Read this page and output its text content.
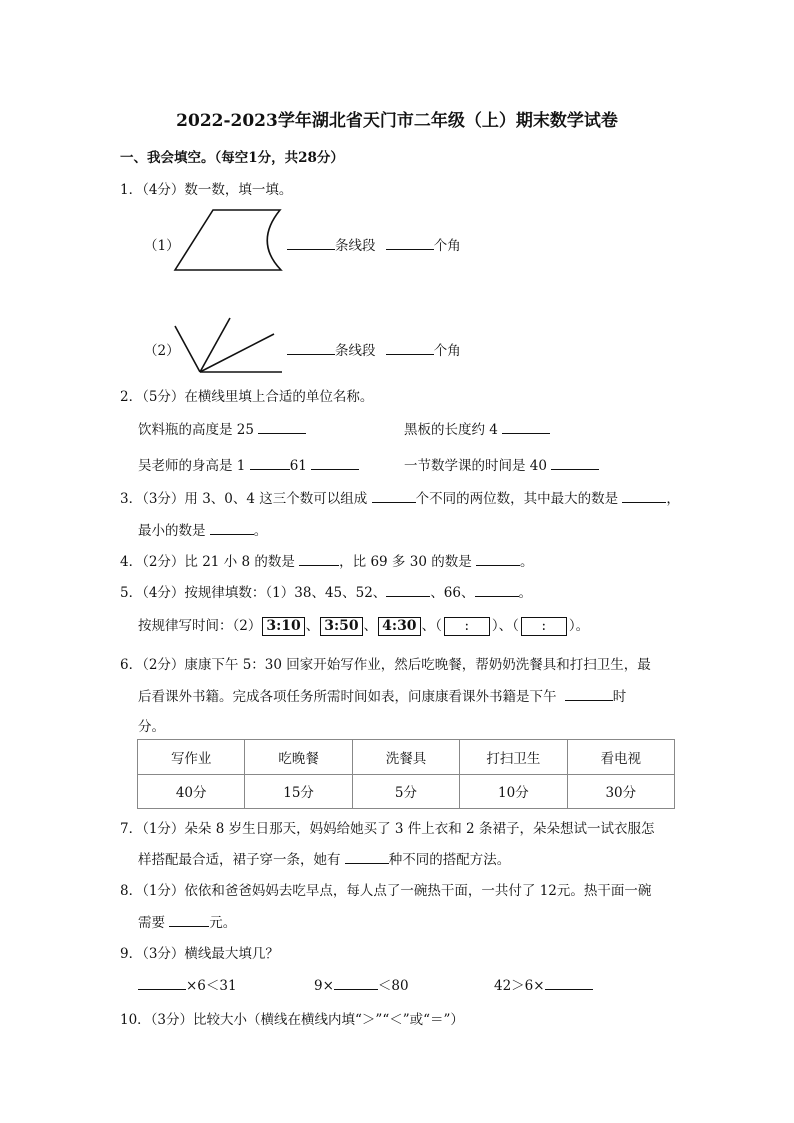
2022-2023学年湖北省天门市二年级（上）期末数学试卷
一、我会填空。（每空1分，共28分）
1．（4分）数一数，填一填。
（1）	条线段	个角
（2）	条线段	个角
2．（5分）在横线里填上合适的单位名称。
饮料瓶的高度是 25	黑板的长度约 4
吴老师的身高是 1	61	一节数学课的时间是 40
3．（3分）用 3、0、4 这三个数可以组成	个不同的两位数，其中最大的数是	，
最小的数是	。
4．（2分）比 21 小 8 的数是	，比 69 多 30 的数是	。
5．（4分）按规律填数：（1）38、45、52、	、66、	。
按规律写时间：（2） 3:10 、 3:50 、 4:30 、（ : ）、（ : ）。
6．（2分）康康下午 5：30 回家开始写作业，然后吃晚餐，帮奶奶洗餐具和打扫卫生，最
后看课外书籍。完成各项任务所需时间如表，问康康看课外书籍是下午	时
分。
写作业	吃晚餐	洗餐具	打扫卫生	看电视
40分	15分	5分	10分	30分
7．（1分）朵朵 8 岁生日那天，妈妈给她买了 3 件上衣和 2 条裙子，朵朵想试一试衣服怎
样搭配最合适，裙子穿一条，她有	种不同的搭配方法。
8．（1分）依依和爸爸妈妈去吃早点，每人点了一碗热干面，一共付了 12元。热干面一碗
需要	元。
9．（3分）横线最大填几？
×6＜31	9×	＜80	42＞6×
10．（3分）比较大小（横线在横线内填“＞”“＜”或“＝”）
